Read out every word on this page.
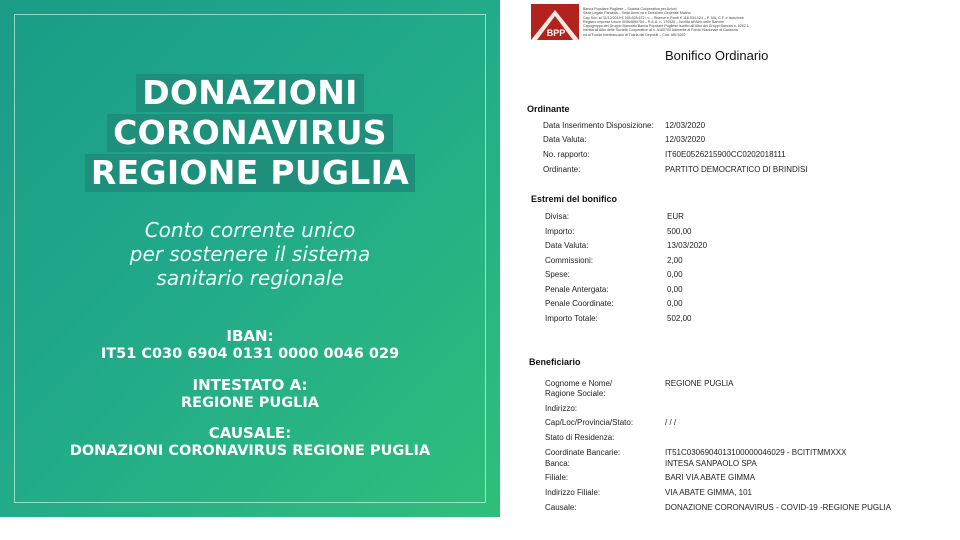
DONAZIONI
CORONAVIRUS
REGIONE PUGLIA
Conto corrente unico
per sostenere il sistema
sanitario regionale
IBAN:
IT51 C030 6904 0131 0000 0046 029
INTESTATO A:
REGIONE PUGLIA
CAUSALE:
DONAZIONI CORONAVIRUS REGIONE PUGLIA
BPP
Banca Popolare Pugliese – Società Cooperativa per Azioni
Sede Legale Parabita – Sede Amm.va e Direzione Generale Matino
Cap.Soc. al 31/12/2019 € 165.628.672 i.v. – Riserve e Fondi € 118.534.024 – P. IVA, C.F. e Iscrizione
Registro Imprese Lecce 00064850754 – R.E.A. n. 170926 – Iscritta all'Albo delle Banche
Capogruppo del Gruppo Bancario Banca Popolare Pugliese iscritto all'Albo dei Gruppi Bancari n. 5262.1
Iscritta all'Albo delle Società Cooperative al n. A160700 Aderente al Fondo Nazionale di Garanzia
ed al Fondo Interbancario di Tutela dei Depositi – Cod. ABI 5262
Bonifico Ordinario
Ordinante
Data Inserimento Disposizione: 12/03/2020
Data Valuta:	12/03/2020
No. rapporto:	IT60E0526215900CC0202018111
Ordinante:	PARTITO DEMOCRATICO DI BRINDISI
Estremi del bonifico
Divisa:	EUR
Importo:	500,00
Data Valuta:	13/03/2020
Commissioni:	2,00
Spese:	0,00
Penale Antergata:	0,00
Penale Coordinate:	0,00
Importo Totale:	502,00
Beneficiario
Cognome e Nome/	REGIONE PUGLIA
Ragione Sociale:
Indirizzo:
Cap/Loc/Provincia/Stato:	/ / /
Stato di Residenza:
Coordinate Bancarie:	IT51C0306904013100000046029 - BCITITMMXXX
Banca:	INTESA SANPAOLO SPA
Filiale:	BARI VIA ABATE GIMMA
Indirizzo Filiale:	VIA ABATE GIMMA, 101
Causale:	DONAZIONE CORONAVIRUS - COVID-19 -REGIONE PUGLIA
